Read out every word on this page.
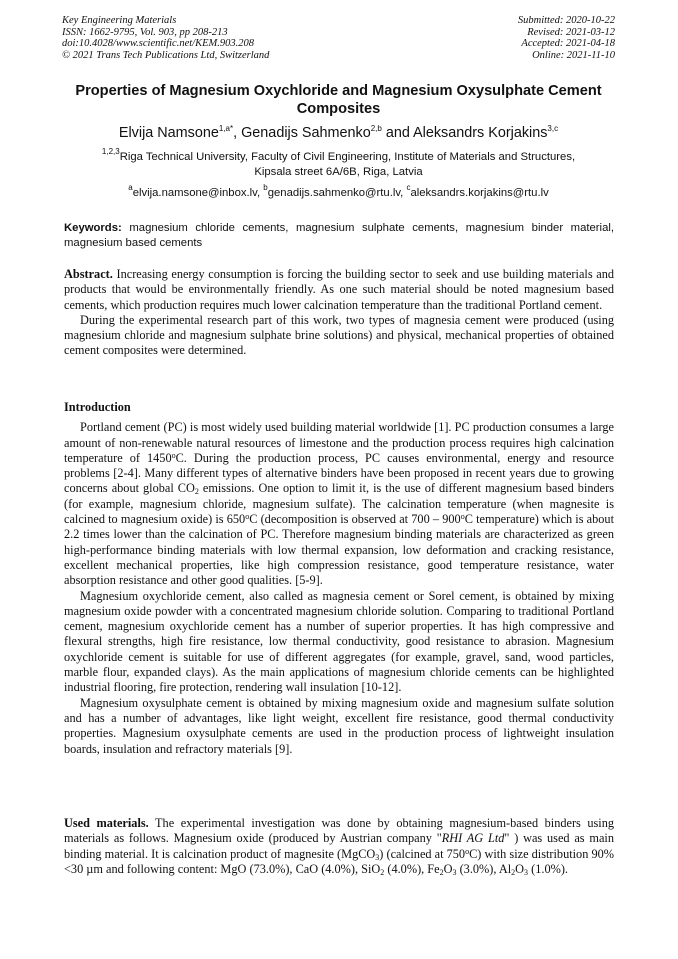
Key Engineering Materials
ISSN: 1662-9795, Vol. 903, pp 208-213
doi:10.4028/www.scientific.net/KEM.903.208
© 2021 Trans Tech Publications Ltd, Switzerland
Submitted: 2020-10-22
Revised: 2021-03-12
Accepted: 2021-04-18
Online: 2021-11-10
Properties of Magnesium Oxychloride and Magnesium Oxysulphate Cement Composites
Elvija Namsone$^{1,a*}$, Genadijs Sahmenko$^{2,b}$ and Aleksandrs Korjakins$^{3,c}$
$^{1,2,3}$Riga Technical University, Faculty of Civil Engineering, Institute of Materials and Structures,
Kipsala street 6A/6B, Riga, Latvia
$^a$elvija.namsone@inbox.lv, $^b$genadijs.sahmenko@rtu.lv, $^c$aleksandrs.korjakins@rtu.lv
Keywords: magnesium chloride cements, magnesium sulphate cements, magnesium binder material, magnesium based cements

Abstract. Increasing energy consumption is forcing the building sector to seek and use building materials and products that would be environmentally friendly. As one such material should be noted magnesium based cements, which production requires much lower calcination temperature than the traditional Portland cement.

During the experimental research part of this work, two types of magnesia cement were produced (using magnesium chloride and magnesium sulphate brine solutions) and physical, mechanical properties of obtained cement composites were determined.

Introduction

Portland cement (PC) is most widely used building material worldwide [1]. PC production consumes a large amount of non-renewable natural resources of limestone and the production process requires high calcination temperature of 1450$^o$C. During the production process, PC causes environmental, energy and resource problems [2-4]. Many different types of alternative binders have been proposed in recent years due to growing concerns about global $CO_2$ emissions. One option to limit it, is the use of different magnesium based binders (for example, magnesium chloride, magnesium sulfate). The calcination temperature (when magnesite is calcined to magnesium oxide) is 650$^o$C (decomposition is observed at 700 – 900$^o$C temperature) which is about 2.2 times lower than the calcination of PC. Therefore magnesium binding materials are characterized as green high-performance binding materials with low thermal expansion, low deformation and cracking resistance, excellent mechanical properties, like high compression resistance, good temperature resistance, water absorption resistance and other good qualities. [5-9].

Magnesium oxychloride cement, also called as magnesia cement or Sorel cement, is obtained by mixing magnesium oxide powder with a concentrated magnesium chloride solution. Comparing to traditional Portland cement, magnesium oxychloride cement has a number of superior properties. It has high compressive and flexural strengths, high fire resistance, low thermal conductivity, good resistance to abrasion. Magnesium oxychloride cement is suitable for use of different aggregates (for example, gravel, sand, wood particles, marble flour, expanded clays). As the main applications of magnesium chloride cements can be highlighted industrial flooring, fire protection, rendering wall insulation [10-12].

Magnesium oxysulphate cement is obtained by mixing magnesium oxide and magnesium sulfate solution and has a number of advantages, like light weight, excellent fire resistance, good thermal conductivity properties. Magnesium oxysulphate cements are used in the production process of lightweight insulation boards, insulation and refractory materials [9].

Used materials. The experimental investigation was done by obtaining magnesium-based binders using materials as follows. Magnesium oxide (produced by Austrian company "RHI AG Ltd" ) was used as main binding material. It is calcination product of magnesite (MgCO$_3$) (calcined at 750$^o$C) with size distribution 90%<30 µm and following content: MgO (73.0%), CaO (4.0%), SiO$_2$ (4.0%), $Fe_2O_3$ (3.0%), $Al_2O_3$ (1.0%).
